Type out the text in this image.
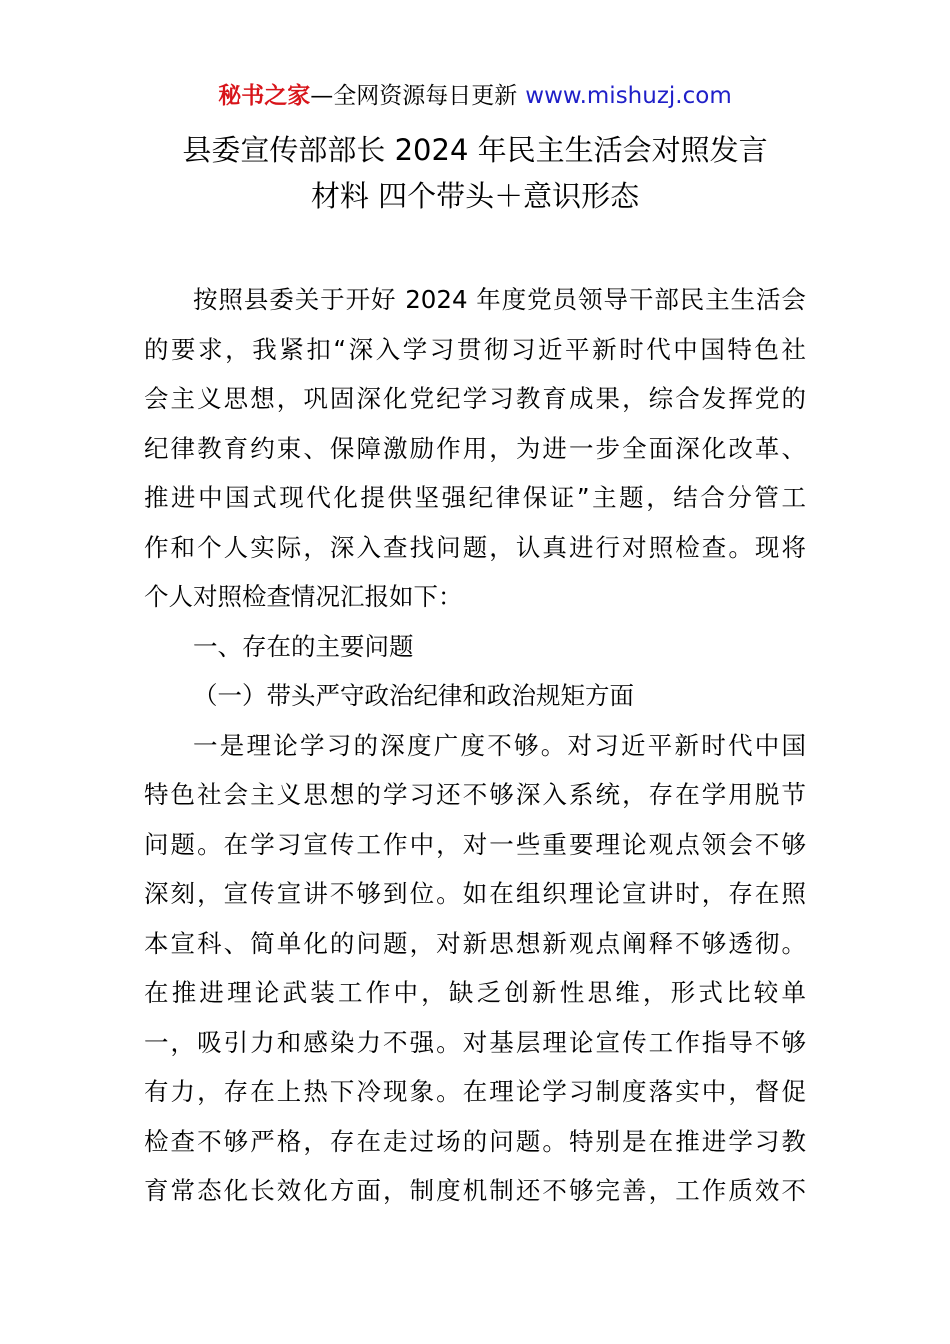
秘书之家—全网资源每日更新 www.mishuzj.com
县委宣传部部长 2024 年民主生活会对照发言
材料 四个带头＋意识形态
按照县委关于开好 2024 年度党员领导干部民主生活会
的要求，我紧扣“深入学习贯彻习近平新时代中国特色社
会主义思想，巩固深化党纪学习教育成果，综合发挥党的
纪律教育约束、保障激励作用，为进一步全面深化改革、
推进中国式现代化提供坚强纪律保证”主题，结合分管工
作和个人实际，深入查找问题，认真进行对照检查。现将
个人对照检查情况汇报如下：
一、存在的主要问题
（一）带头严守政治纪律和政治规矩方面
一是理论学习的深度广度不够。对习近平新时代中国
特色社会主义思想的学习还不够深入系统，存在学用脱节
问题。在学习宣传工作中，对一些重要理论观点领会不够
深刻，宣传宣讲不够到位。如在组织理论宣讲时，存在照
本宣科、简单化的问题，对新思想新观点阐释不够透彻。
在推进理论武装工作中，缺乏创新性思维，形式比较单
一，吸引力和感染力不强。对基层理论宣传工作指导不够
有力，存在上热下冷现象。在理论学习制度落实中，督促
检查不够严格，存在走过场的问题。特别是在推进学习教
育常态化长效化方面，制度机制还不够完善，工作质效不
